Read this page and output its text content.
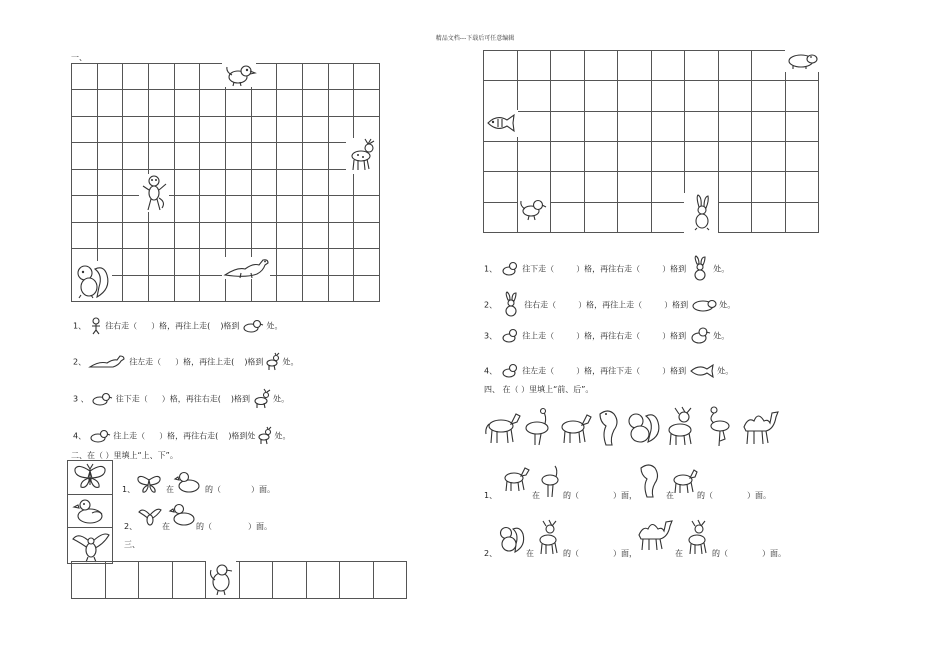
精品文档---下载后可任意编辑
一、
1、 往右走（ ）格，再往上走( )格到	处。
2、	往左走（ ）格，再往上走( )格到 处。
3 、	往下走（ ）格，再往右走( )格到	处。
4、	往上走（ ）格，再往右走( )格到处 处。
二、在（ ）里填上“上、下”。
1、	在	的（	）面。
2、	在	的（	）面。
三、
1、	往下走（	）格，再往右走（	）格到	处。
2、	往右走（	）格，再往上走（	）格到	处。
3、	往上走（	）格，再往右走（	）格到	处。
4、	往左走（	）格，再往下走（	）格到	处。
四、 在（ ）里填上“前、后”。
1、	在	的（	）面，	在	的（	）面。
2、	在	的（	）面，	在	的（	）面。
